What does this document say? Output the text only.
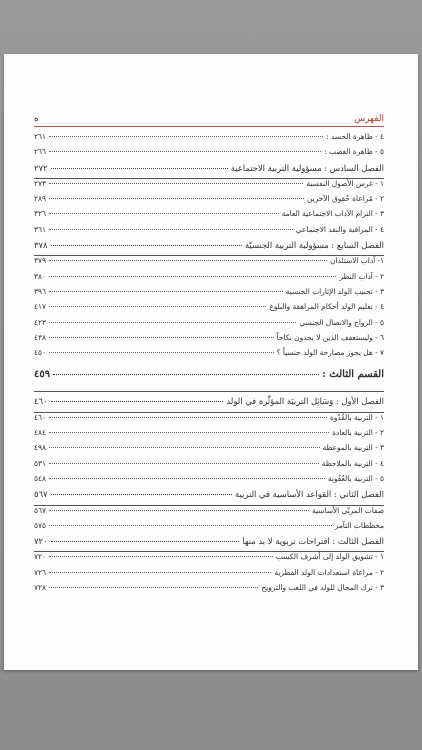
الفهرس
ه
٤ - ظاهرة الحسد :
٢٦١
٥ - ظاهرة الغضب :
٢٦٦
الفصل السادس : مسؤولية التربية الاجتماعية
٢٧٢
١ - غرس الأصول النفسية
٢٧٣
٢ - مُراعاة حُقوق الآخرين
٢٨٩
٣ - التزام الآداب الاجتماعية العامة
٣٢٦
٤ - المراقبة والنقد الاجتماعي
٣٦١
الفصل السابع : مسؤولية التربية الجنسيّة
٣٧٨
١- آداب الاستئذان
٣٧٩
٢ - آداب النظر
٣٨٠
٣ - تجنيب الولد الإثارات الجنسية
٣٩٦
٤ - تعليم الولد أحكام المراهقة والبلوغ
٤١٧
٥ - الزواج والاتصال الجنسي
٤٢٣
٦ - وليستعفف الذين لا يجدون نكاحاً
٤٣٨
٧ - هل يجوز مصارحة الولد جنسياً ؟
٤٥٠
القسم الثالث :
٤٥٩
الفصل الأول : وَسَائِل التربيَة المؤثِّرة في الولد
٤٦٠
١ - التربية بالقُدْوة
٤٦٠
٢ - التربية بالعادة
٤٨٤
٣ - التربية بالموعظة
٤٩٨
٤ - التربية بالملاحظة
٥٣١
٥ - التربية بالعُقُوبة
٥٤٨
الفصل الثاني : القواعد الأساسية في التربية
٥٦٧
صفات المربّي الأساسية
٥٦٧
مخططات التآمر
٥٧٥
الفصل الثالث : اقتراحات تربوية لا بد منها
٧٢٠
١ - تشويق الولد إلى أشرف الكسب
٧٢٠
٢ - مراعاة استعدادات الولد الفطرية
٧٢٦
٣ - ترك المجال للولد في اللعب والترويح
٧٢٨
